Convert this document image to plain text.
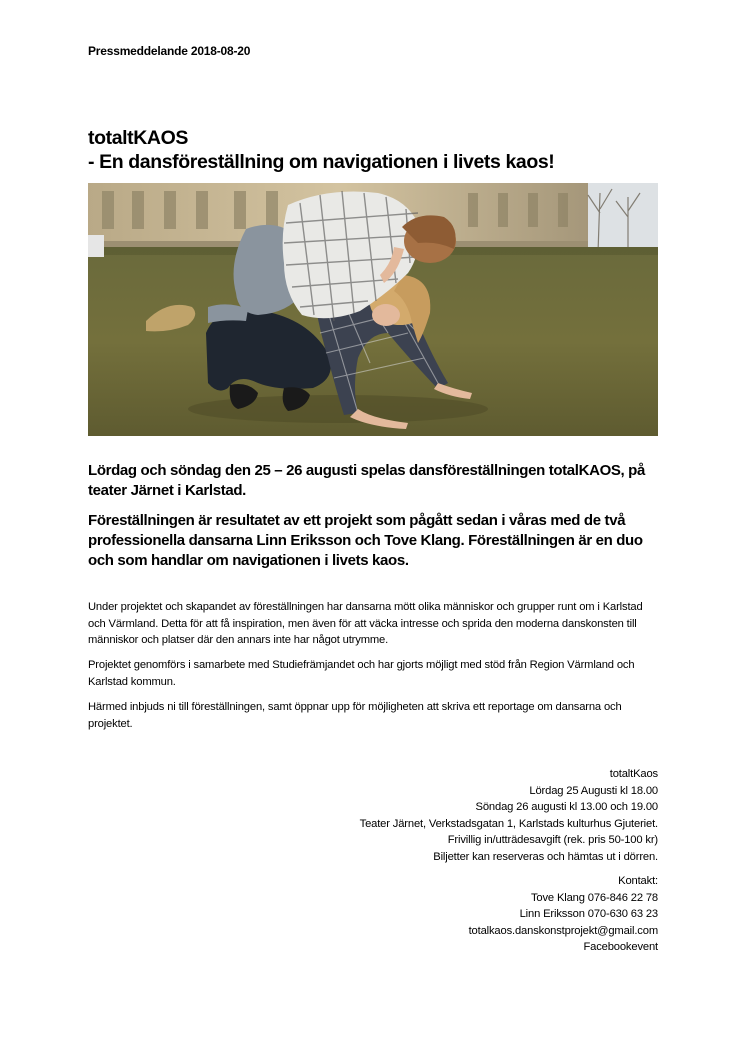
Pressmeddelande 2018-08-20
totaltKAOS
- En dansföreställning om navigationen i livets kaos!
Lördag och söndag den 25 – 26 augusti spelas dansföreställningen totalKAOS, på teater Järnet i Karlstad.
Föreställningen är resultatet av ett projekt som pågått sedan i våras med de två professionella dansarna Linn Eriksson och Tove Klang. Föreställningen är en duo och som handlar om navigationen i livets kaos.
Under projektet och skapandet av föreställningen har dansarna mött olika människor och grupper runt om i Karlstad och Värmland. Detta för att få inspiration, men även för att väcka intresse och sprida den moderna danskonsten till människor och platser där den annars inte har något utrymme.
Projektet genomförs i samarbete med Studiefrämjandet och har gjorts möjligt med stöd från Region Värmland och Karlstad kommun.
Härmed inbjuds ni till föreställningen, samt öppnar upp för möjligheten att skriva ett reportage om dansarna och projektet.
totaltKaos
Lördag 25 Augusti kl 18.00
Söndag 26 augusti kl 13.00 och 19.00
Teater Järnet, Verkstadsgatan 1, Karlstads kulturhus Gjuteriet.
Frivillig in/utträdesavgift (rek. pris 50-100 kr)
Biljetter kan reserveras och hämtas ut i dörren.
Kontakt:
Tove Klang 076-846 22 78
Linn Eriksson 070-630 63 23
totalkaos.danskonstprojekt@gmail.com
Facebookevent
